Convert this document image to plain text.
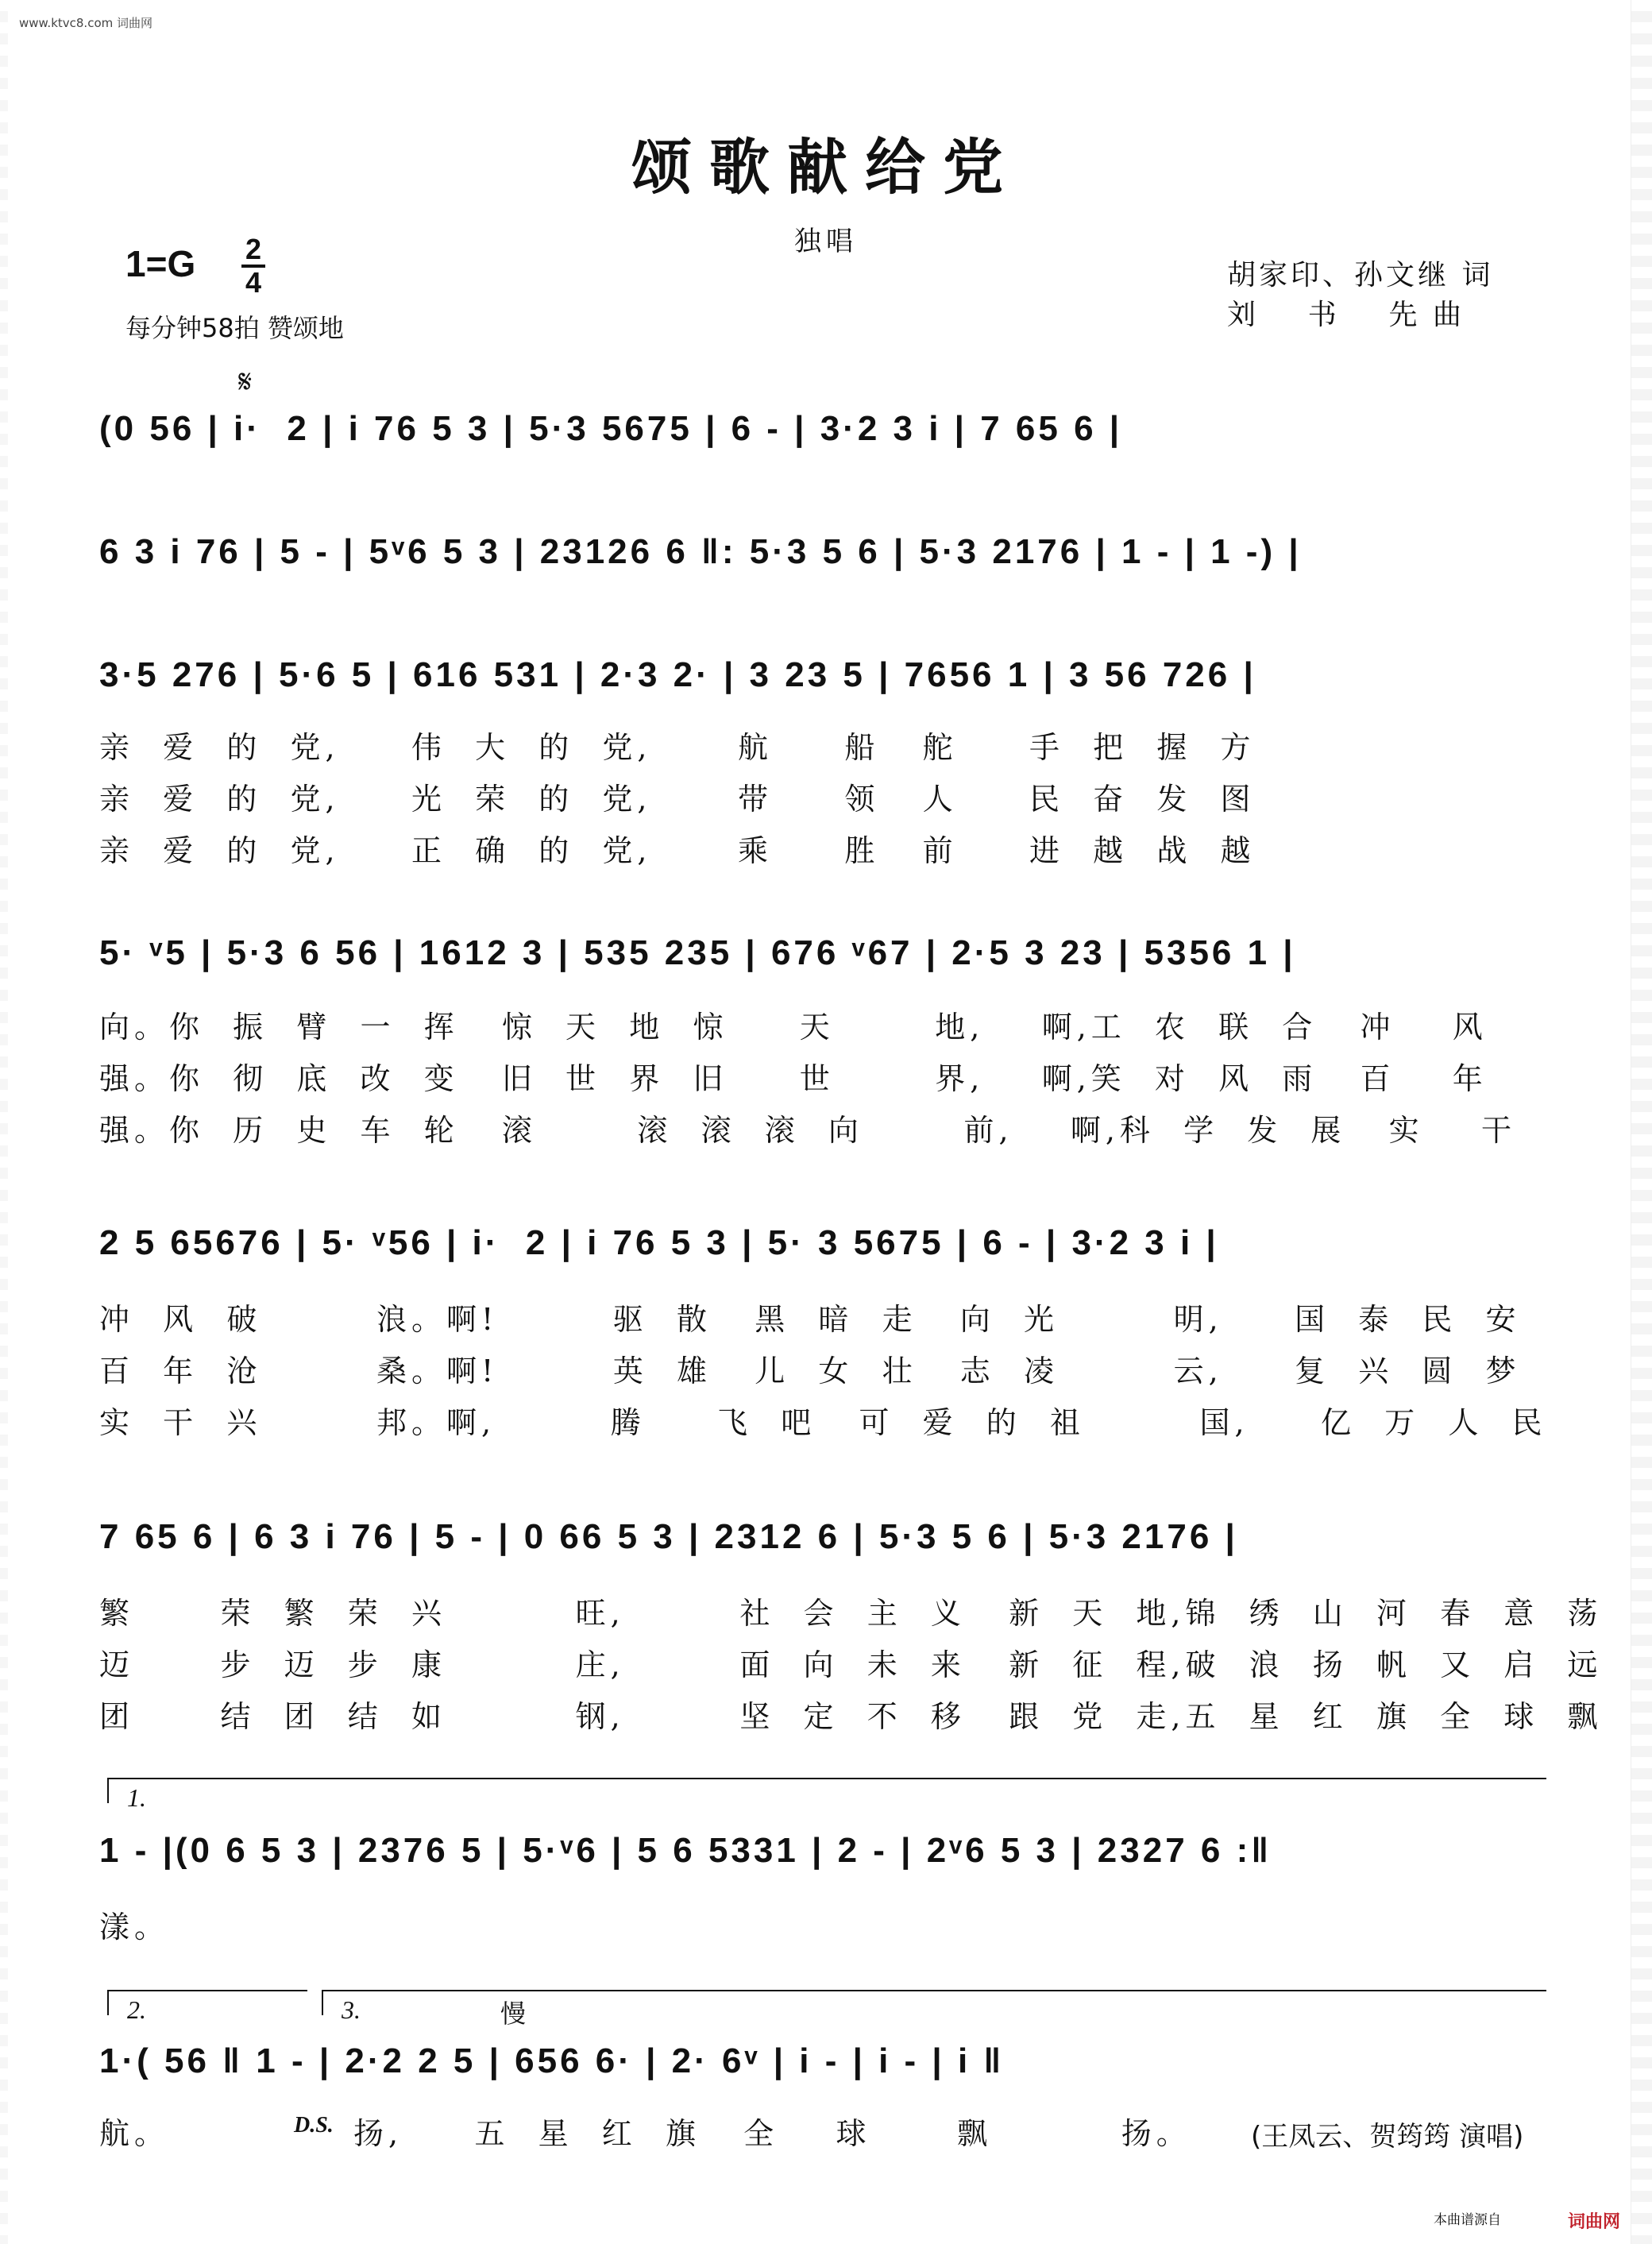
www.ktvc8.com 词曲网
颂歌献给党
独唱
1=G 2
4
每分钟58拍 赞颂地
胡家印、孙文继 词
刘    书    先 曲
𝄋
(0 56 | i·  2 | i 76 5 3 | 5·3 5675 | 6 - | 3·2 3 i | 7 65 6 |
6 3 i 76 | 5 - | 5ᵛ6 5 3 | 23126 6 ‖: 5·3 5 6 | 5·3 2176 | 1 - | 1 -) |
3·5 276 | 5·6 5 | 616 531 | 2·3 2· | 3 23 5 | 7656 1 | 3 56 726 |
亲  爱  的  党,     伟  大  的  党,      航     船   舵     手  把  握  方
亲  爱  的  党,     光  荣  的  党,      带     领   人     民  奋  发  图
亲  爱  的  党,     正  确  的  党,      乘     胜   前     进  越  战  越
5· ᵛ5 | 5·3 6 56 | 1612 3 | 535 235 | 676 ᵛ67 | 2·5 3 23 | 5356 1 |
向。你  振  臂  一  挥   惊  天  地  惊     天       地,    啊,工  农  联  合   冲    风
强。你  彻  底  改  变   旧  世  界  旧     世       界,    啊,笑  对  风  雨   百    年
强。你  历  史  车  轮   滚       滚  滚  滚  向       前,    啊,科  学  发  展   实    干
2 5 65676 | 5· ᵛ56 | i·  2 | i 76 5 3 | 5· 3 5675 | 6 - | 3·2 3 i |
冲  风  破        浪。啊!        驱  散   黑  暗  走   向  光        明,     国  泰  民  安
百  年  沧        桑。啊!        英  雄   儿  女  壮   志  凌        云,     复  兴  圆  梦
实  干  兴        邦。啊,        腾     飞  吧   可  爱  的  祖        国,     亿  万  人  民
7 65 6 | 6 3 i 76 | 5 - | 0 66 5 3 | 2312 6 | 5·3 5 6 | 5·3 2176 |
繁      荣  繁  荣  兴         旺,        社  会  主  义   新  天  地,锦  绣  山  河  春  意  荡
迈      步  迈  步  康         庄,        面  向  未  来   新  征  程,破  浪  扬  帆  又  启  远
团      结  团  结  如         钢,        坚  定  不  移   跟  党  走,五  星  红  旗  全  球  飘
1.
1 - |(0 6 5 3 | 2376 5 | 5·ᵛ6 | 5 6 5331 | 2 - | 2ᵛ6 5 3 | 2327 6 :‖
漾。
2.	3.	慢
1·( 56 ‖ 1 - | 2·2 2 5 | 656 6· | 2· 6ᵛ | i - | i - | i ‖
航。	D.S. 扬,     五  星  红  旗   全    球      飘         扬。 (王凤云、贺筠筠 演唱)
本曲谱源自	词曲网
